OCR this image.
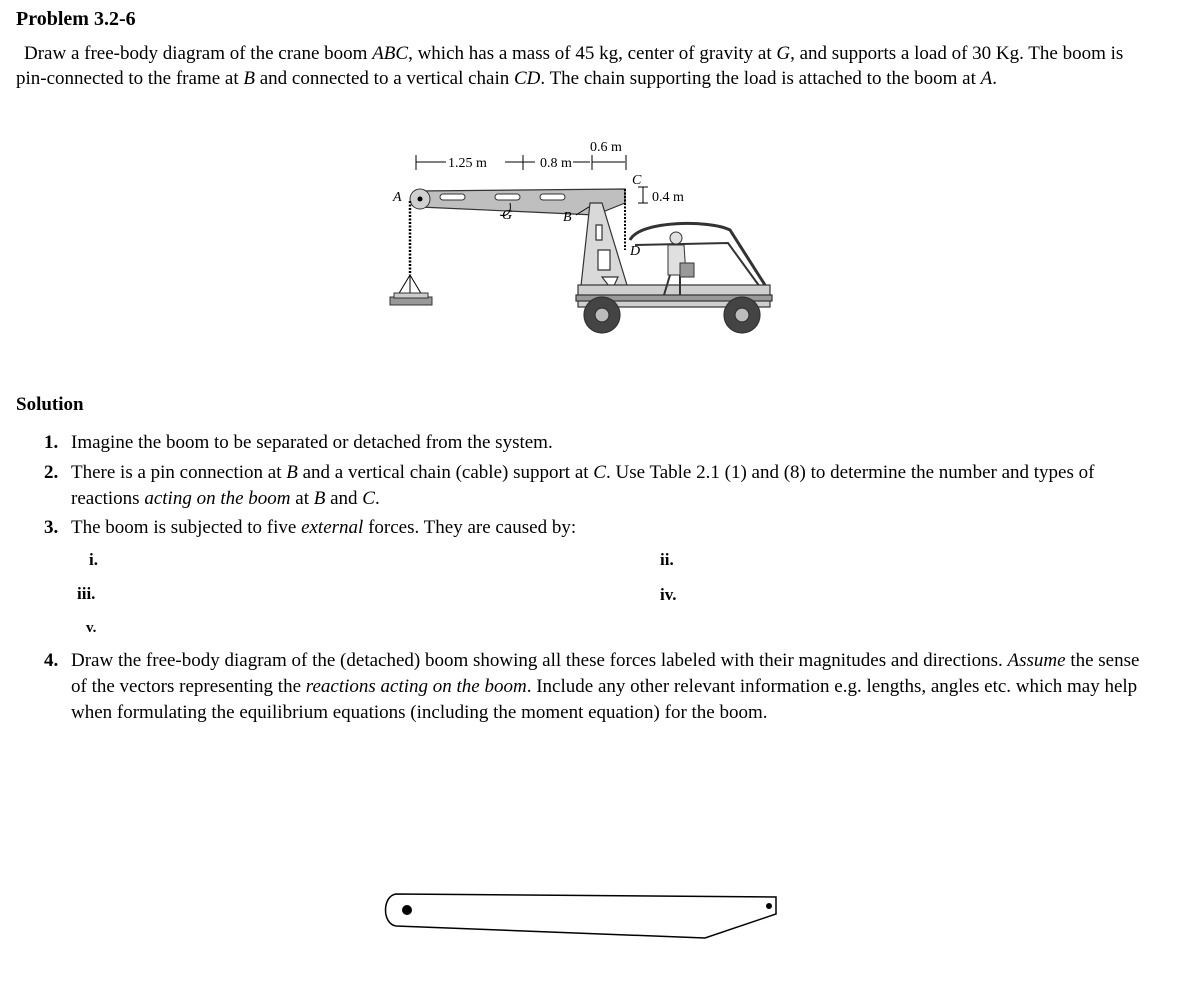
Problem 3.2-6
Draw a free-body diagram of the crane boom ABC, which has a mass of 45 kg, center of gravity at G, and supports a load of 30 Kg. The boom is pin-connected to the frame at B and connected to a vertical chain CD. The chain supporting the load is attached to the boom at A.
0.6 m
1.25 m	0.8 m
0.4 m
A
G	B
C
D
Solution
1. Imagine the boom to be separated or detached from the system.
2. There is a pin connection at B and a vertical chain (cable) support at C. Use Table 2.1 (1) and (8) to determine the number and types of reactions acting on the boom at B and C.
3. The boom is subjected to five external forces. They are caused by:
i.	ii.
iii.	iv.
v.
4. Draw the free-body diagram of the (detached) boom showing all these forces labeled with their magnitudes and directions. Assume the sense of the vectors representing the reactions acting on the boom. Include any other relevant information e.g. lengths, angles etc. which may help when formulating the equilibrium equations (including the moment equation) for the boom.
